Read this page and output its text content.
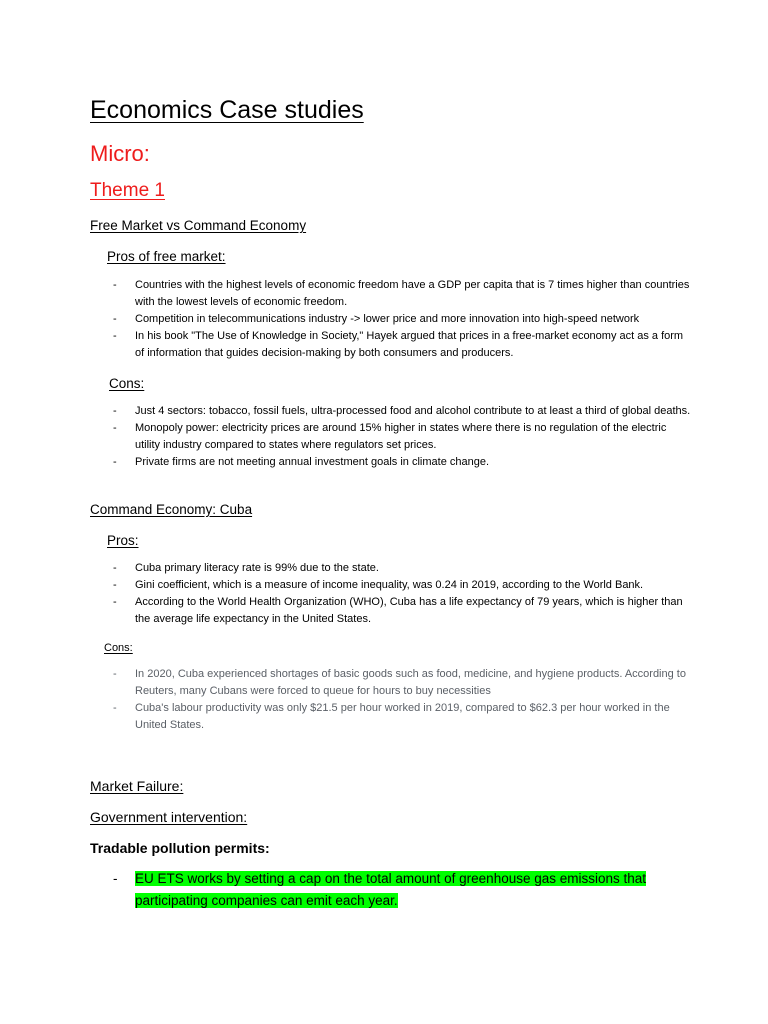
Economics Case studies
Micro:
Theme 1
Free Market vs Command Economy
Pros of free market:
- Countries with the highest levels of economic freedom have a GDP per capita that is 7 times higher than countries with the lowest levels of economic freedom.
- Competition in telecommunications industry -> lower price and more innovation into high-speed network
- In his book "The Use of Knowledge in Society," Hayek argued that prices in a free-market economy act as a form of information that guides decision-making by both consumers and producers.
Cons:
- Just 4 sectors: tobacco, fossil fuels, ultra-processed food and alcohol contribute to at least a third of global deaths.
- Monopoly power: electricity prices are around 15% higher in states where there is no regulation of the electric utility industry compared to states where regulators set prices.
- Private firms are not meeting annual investment goals in climate change.
Command Economy: Cuba
Pros:
- Cuba primary literacy rate is 99% due to the state.
- Gini coefficient, which is a measure of income inequality, was 0.24 in 2019, according to the World Bank.
- According to the World Health Organization (WHO), Cuba has a life expectancy of 79 years, which is higher than the average life expectancy in the United States.
Cons:
- In 2020, Cuba experienced shortages of basic goods such as food, medicine, and hygiene products. According to Reuters, many Cubans were forced to queue for hours to buy necessities
- Cuba's labour productivity was only $21.5 per hour worked in 2019, compared to $62.3 per hour worked in the United States.
Market Failure:
Government intervention:
Tradable pollution permits:
- EU ETS works by setting a cap on the total amount of greenhouse gas emissions that participating companies can emit each year.
